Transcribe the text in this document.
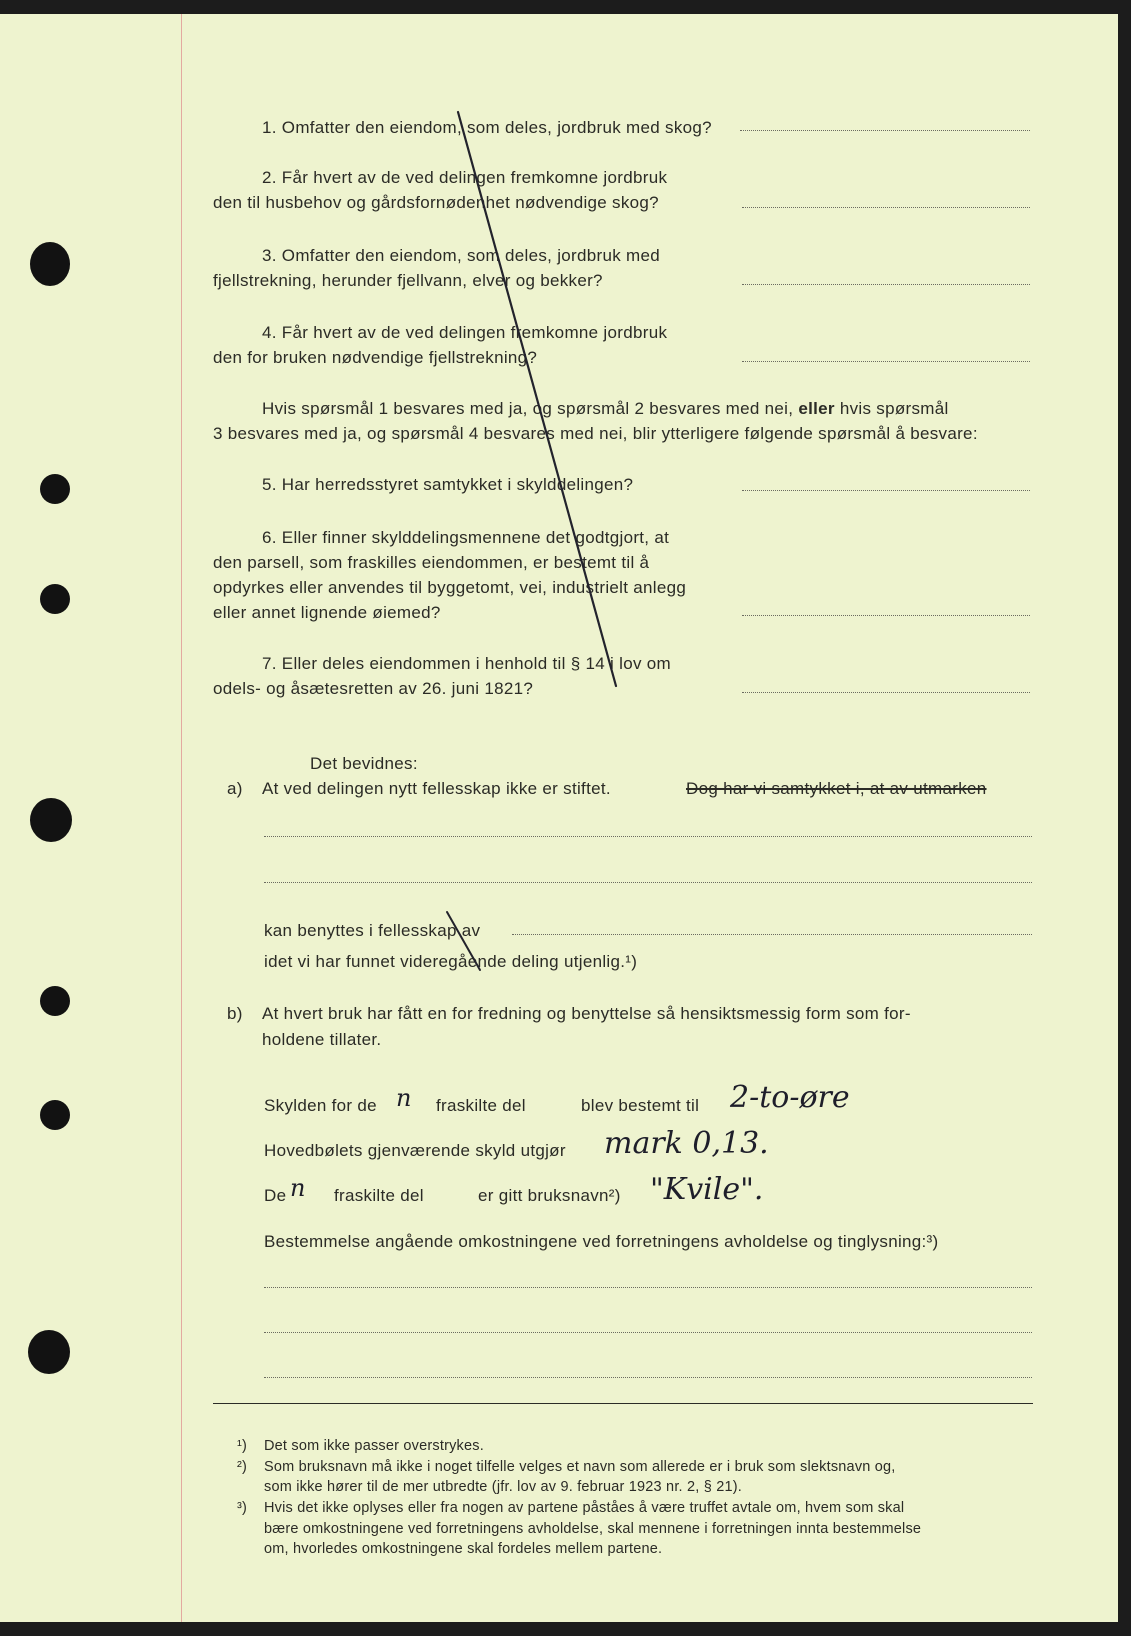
1. Omfatter den eiendom, som deles, jordbruk med skog?
2. Får hvert av de ved delingen fremkomne jordbruk
den til husbehov og gårdsfornødenhet nødvendige skog?
3. Omfatter den eiendom, som deles, jordbruk med
fjellstrekning, herunder fjellvann, elver og bekker?
4. Får hvert av de ved delingen fremkomne jordbruk
den for bruken nødvendige fjellstrekning?
Hvis spørsmål 1 besvares med ja, og spørsmål 2 besvares med nei, eller hvis spørsmål
3 besvares med ja, og spørsmål 4 besvares med nei, blir ytterligere følgende spørsmål å besvare:
5. Har herredsstyret samtykket i skylddelingen?
6. Eller finner skylddelingsmennene det godtgjort, at
den parsell, som fraskilles eiendommen, er bestemt til å
opdyrkes eller anvendes til byggetomt, vei, industrielt anlegg
eller annet lignende øiemed?
7. Eller deles eiendommen i henhold til § 14 i lov om
odels- og åsætesretten av 26. juni 1821?
Det bevidnes:
a) At ved delingen nytt fellesskap ikke er stiftet.	Dog har vi samtykket i, at av utmarken
kan benyttes i fellesskap av
idet vi har funnet videregående deling utjenlig.¹)
b) At hvert bruk har fått en for fredning og benyttelse så hensiktsmessig form som for-
holdene tillater.
Skylden for de n fraskilte del	blev bestemt til 2-to-øre
Hovedbølets gjenværende skyld utgjør mark 0,13.
De n fraskilte del	er gitt bruksnavn²) "Kvile".
Bestemmelse angående omkostningene ved forretningens avholdelse og tinglysning:³)
¹) Det som ikke passer overstrykes.
²) Som bruksnavn må ikke i noget tilfelle velges et navn som allerede er i bruk som slektsnavn og,
som ikke hører til de mer utbredte (jfr. lov av 9. februar 1923 nr. 2, § 21).
³) Hvis det ikke oplyses eller fra nogen av partene påståes å være truffet avtale om, hvem som skal
bære omkostningene ved forretningens avholdelse, skal mennene i forretningen innta bestemmelse
om, hvorledes omkostningene skal fordeles mellem partene.
